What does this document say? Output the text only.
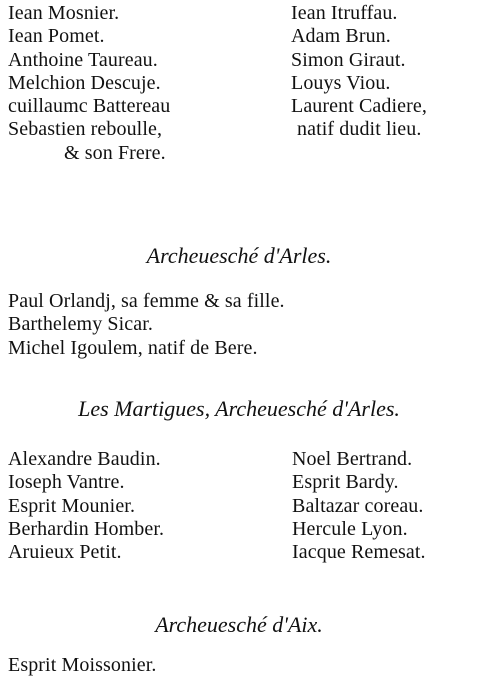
Iean Mosnier.
Iean Pomet.
Anthoine Taureau.
Melchion Descuje.
cuillaumc Battereau
Sebastien reboulle,
& son Frere.
Iean Itruffau.
Adam Brun.
Simon Giraut.
Louys Viou.
Laurent Cadiere,
natif dudit lieu.
Archeuesché d'Arles.
Paul Orlandj, sa femme & sa fille.
Barthelemy Sicar.
Michel Igoulem, natif de Bere.
Les Martigues, Archeuesché d'Arles.
Alexandre Baudin.
Ioseph Vantre.
Esprit Mounier.
Berhardin Homber.
Aruieux Petit.
Noel Bertrand.
Esprit Bardy.
Baltazar coreau.
Hercule Lyon.
Iacque Remesat.
Archeuesché d'Aix.
Esprit Moissonier.
